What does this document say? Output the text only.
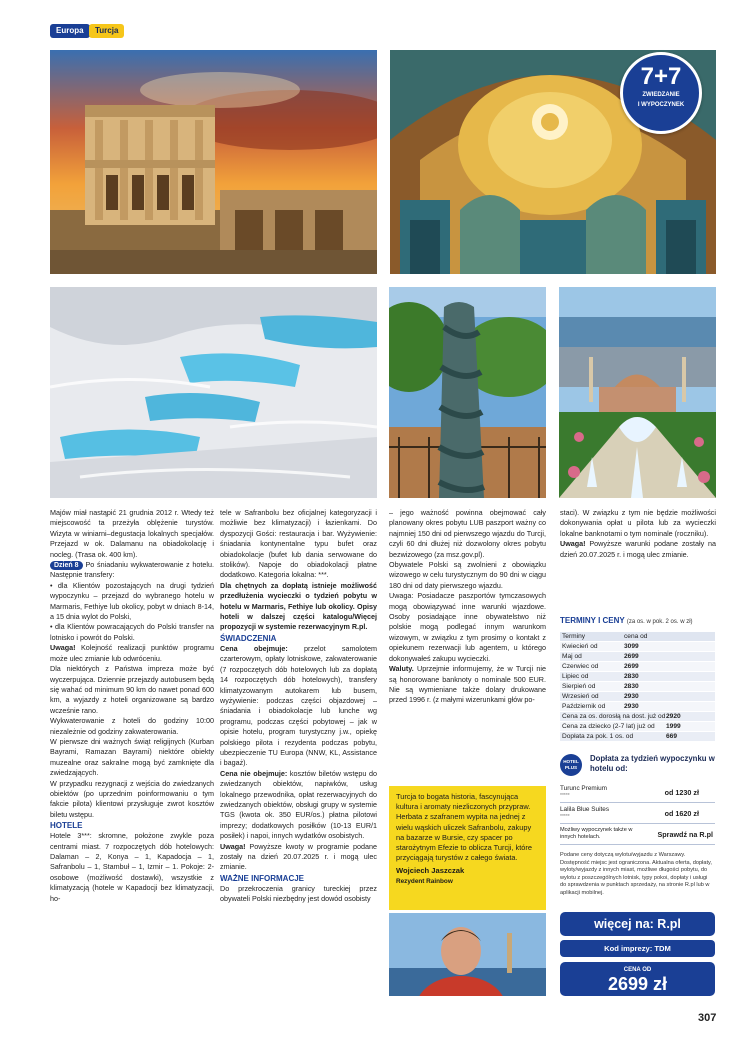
Europa	Turcja
7+7
ZWIEDZANIE
I WYPOCZYNEK

Majów miał nastąpić 21 grudnia 2012 r. Wtedy też miejscowość ta przeżyła oblężenie turystów. Wizyta w winiarni–degustacja lokalnych specjałów. Przejazd w ok. Dalamanu na obiadokolację i nocleg. (Trasa ok. 400 km).

Dzień 8 Po śniadaniu wykwaterowanie z hotelu. Następnie transfery:

• dla Klientów pozostających na drugi tydzień wypoczynku – przejazd do wybranego hotelu w Marmaris, Fethiye lub okolicy, pobyt w dniach 8-14, a 15 dnia wylot do Polski,

• dla Klientów powracających do Polski transfer na lotnisko i powrót do Polski.

Uwaga! Kolejność realizacji punktów programu może ulec zmianie lub odwróceniu.

Dla niektórych z Państwa impreza może być wyczerpująca. Dziennie przejazdy autobusem będą się wahać od minimum 90 km do nawet ponad 600 km, a wyjazdy z hoteli organizowane są bardzo wcześnie rano.

Wykwaterowanie z hoteli do godziny 10:00 niezależnie od godziny zakwaterowania.

W pierwsze dni ważnych świąt religijnych (Kurban Bayrami, Ramazan Bayrami) niektóre obiekty muzealne oraz sakralne mogą być zamknięte dla zwiedzających.

W przypadku rezygnacji z wejścia do zwiedzanych obiektów (po uprzednim poinformowaniu o tym fakcie pilota) klientowi przysługuje zwrot kosztów biletu wstępu.

HOTELE

Hotele 3***: skromne, położone zwykle poza centrami miast. 7 rozpoczętych dób hotelowych: Dalaman – 2, Konya – 1, Kapadocja – 1, Safranbolu – 1, Stambuł – 1, Izmir – 1. Pokoje: 2-osobowe (możliwość dostawki), wszystkie z klimatyzacją (hotele w Kapadocji bez klimatyzacji, ho-

tele w Safranbolu bez oficjalnej kategoryzacji i możliwie bez klimatyzacji) i łazienkami. Do dyspozycji Gości: restauracja i bar. Wyżywienie: śniadania kontynentalne typu bufet oraz obiadokolacje (bufet lub dania serwowane do stolików). Napoje do obiadokolacji płatne dodatkowo. Kategoria lokalna: ***.

Dla chętnych za dopłatą istnieje możliwość przedłużenia wycieczki o tydzień pobytu w hotelu w Marmaris, Fethiye lub okolicy. Opisy hoteli w dalszej części katalogu/Więcej propozycji w systemie rezerwacyjnym R.pl.

ŚWIADCZENIA

Cena obejmuje: przelot samolotem czarterowym, opłaty lotniskowe, zakwaterowanie (7 rozpoczętych dób hotelowych lub za dopłatą 14 rozpoczętych dób hotelowych), transfery klimatyzowanym autokarem lub busem, wyżywienie: podczas części objazdowej – śniadania i obiadokolacje lub lunche wg programu, podczas części pobytowej – jak w opisie hotelu, program turystyczny j.w., opiekę polskiego pilota i rezydenta podczas pobytu, ubezpieczenie TU Europa (NNW, KL, Assistance i bagaż).

Cena nie obejmuje: kosztów biletów wstępu do zwiedzanych obiektów, napiwków, usług lokalnego przewodnika, opłat rezerwacyjnych do zwiedzanych obiektów, obsługi grupy w systemie TGS (kwota ok. 350 EUR/os.) płatna pilotowi imprezy; dodatkowych posiłków (10-13 EUR/1 posiłek) i napoi, innych wydatków osobistych.

Uwaga! Powyższe kwoty w programie podane zostały na dzień 20.07.2025 r. i mogą ulec zmianie.

WAŻNE INFORMACJE

Do przekroczenia granicy tureckiej przez obywateli Polski niezbędny jest dowód osobisty

– jego ważność powinna obejmować cały planowany okres pobytu LUB paszport ważny co najmniej 150 dni od pierwszego wjazdu do Turcji, czyli 60 dni dłużej niż dozwolony okres pobytu bezwizowego (za msz.gov.pl).

Obywatele Polski są zwolnieni z obowiązku wizowego w celu turystycznym do 90 dni w ciągu 180 dni od daty pierwszego wjazdu.

Uwaga: Posiadacze paszportów tymczasowych mogą obowiązywać inne warunki wjazdowe. Osoby posiadające inne obywatelstwo niż polskie mogą podlegać innym warunkom wizowym, w związku z tym prosimy o kontakt z opiekunem rezerwacji lub agentem, u którego dokonywałeś zakupu wycieczki.

Waluty. Uprzejmie informujemy, że w Turcji nie są honorowane banknoty o nominale 500 EUR. Nie są wymieniane także dolary drukowane przed 1996 r. (z małymi wizerunkami głów po-

Turcja to bogata historia, fascynująca kultura i aromaty niezliczonych przypraw. Herbata z szafranem wypita na jednej z wielu wąskich uliczek Safranbolu, zakupy na bazarze w Bursie, czy spacer po starożytnym Efezie to oblicza Turcji, które przyciągają turystów z całego świata.
Wojciech Jaszczak
Rezydent Rainbow

staci). W związku z tym nie będzie możliwości dokonywania opłat u pilota lub za wycieczki lokalne banknotami o tym nominale (roczniku).

Uwaga! Powyższe warunki podane zostały na dzień 20.07.2025 r. i mogą ulec zmianie.

TERMINY I CENY (za os. w pok. 2 os. w zł)
Terminy	cena od
Kwiecień od	3099
Maj od	2699
Czerwiec od	2699
Lipiec od	2830
Sierpień od	2830
Wrzesień od	2930
Październik od	2930
Cena za os. dorosłą na dost. już od 2920
Cena za dziecko (2-7 lat) już od	1999
Dopłata za pok. 1 os. od	669
HOTEL
PLUS
Dopłata za tydzień wypoczynku w hotelu od:
Turunc Premium
*****	od 1230 zł
Lalila Blue Suites
*****	od 1620 zł
Możliwy wypoczynek także w innych hotelach.	Sprawdź na R.pl
Podane ceny dotyczą wylotu/wyjazdu z Warszawy. Dostępność miejsc jest ograniczona. Aktualna oferta, dopłaty, wyloty/wyjazdy z innych miast, możliwe długości pobytu, do wylotu z poszczególnych lotnisk, typy pokoi, dopłaty i usługi do sprawdzenia w punktach sprzedaży, na stronie R.pl lub w aplikacji mobilnej.
więcej na: R.pl
Kod imprezy: TDM
CENA OD
2699 zł
307
